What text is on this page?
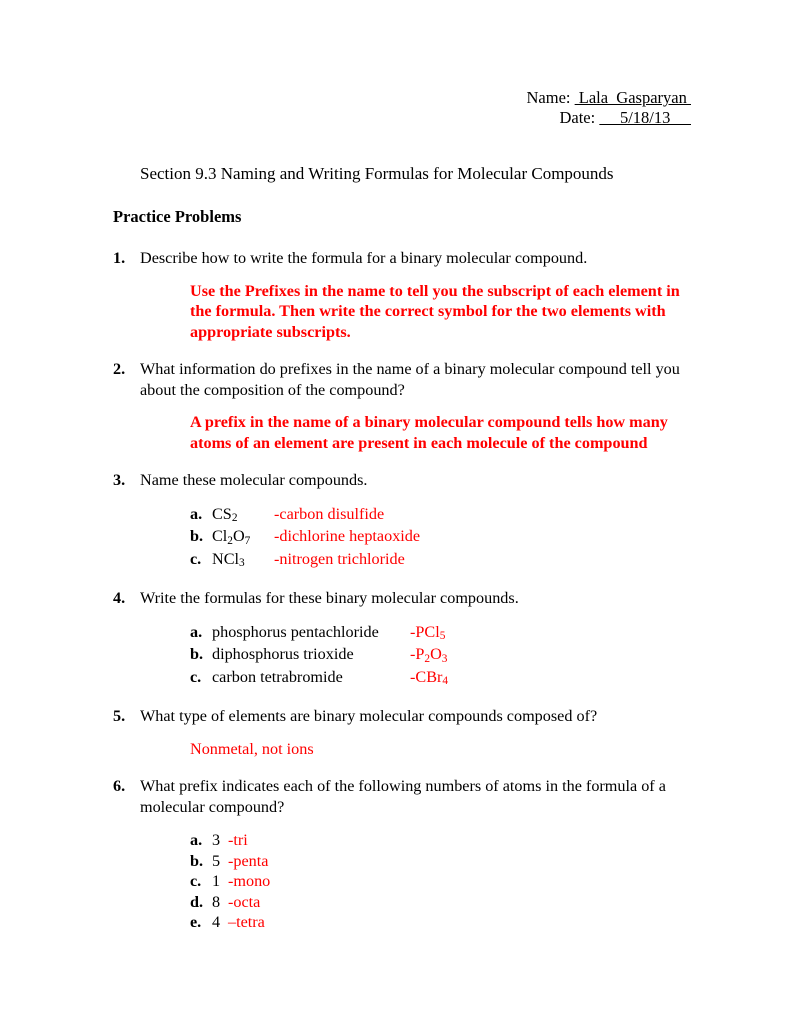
Name:  Lala  Gasparyan
Date:      5/18/13
Section 9.3 Naming and Writing Formulas for Molecular Compounds
Practice Problems
1. Describe how to write the formula for a binary molecular compound.
Use the Prefixes in the name to tell you the subscript of each element in the formula. Then write the correct symbol for the two elements with appropriate subscripts.
2. What information do prefixes in the name of a binary molecular compound tell you about the composition of the compound?
A prefix in the name of a binary molecular compound tells how many atoms of an element are present in each molecule of the compound
3. Name these molecular compounds.
a. $CS_2$ -carbon disulfide
b. $Cl_2O_7$ -dichlorine heptaoxide
c. NCl$_3$ -nitrogen trichloride
4. Write the formulas for these binary molecular compounds.
a. phosphorus pentachloride -PCl$_5$
b. diphosphorus trioxide	$-P_2O_3$
c. carbon tetrabromide	-CBr$_4$
5. What type of elements are binary molecular compounds composed of?
Nonmetal, not ions
6. What prefix indicates each of the following numbers of atoms in the formula of a molecular compound?
a. 3 -tri
b. 5 -penta
c. 1 -mono
d. 8 -octa
e. 4 –tetra
